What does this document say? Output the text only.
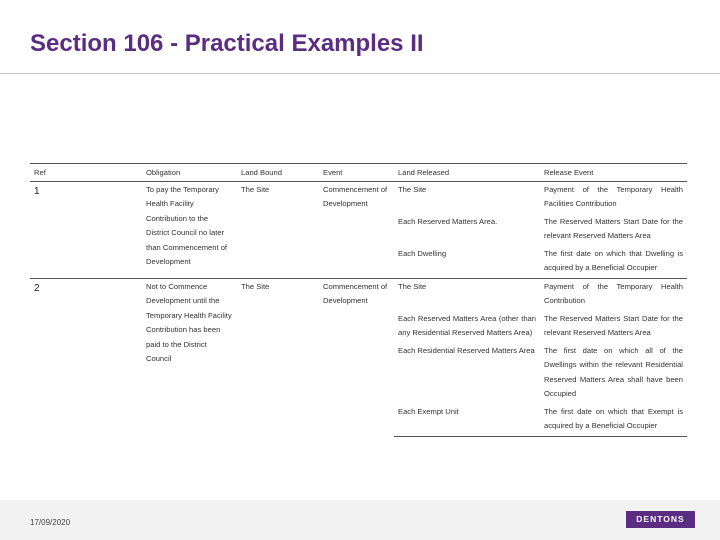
Section 106 - Practical Examples II
Ref	Obligation	Land Bound	Event	Land Released	Release Event
1	To pay the Temporary Health Facility Contribution to the District Council no later than Commencement of Development	The Site	Commencement of Development	The Site	Payment of the Temporary Health Facilities Contribution
				Each Reserved Matters Area.	The Reserved Matters Start Date for the relevant Reserved Matters Area
				Each Dwelling	The first date on which that Dwelling is acquired by a Beneficial Occupier
2	Not to Commence Development until the Temporary Health Facility Contribution has been paid to the District Council	The Site	Commencement of Development	The Site	Payment of the Temporary Health Contribution
				Each Reserved Matters Area (other than any Residential Reserved Matters Area)	The Reserved Matters Start Date for the relevant Reserved Matters Area
				Each Residential Reserved Matters Area	The first date on which all of the Dwellings within the relevant Residential Reserved Matters Area shall have been Occupied
				Each Exempt Unit	The first date on which that Exempt is acquired by a Beneficial Occupier
17/09/2020	DENTONS
